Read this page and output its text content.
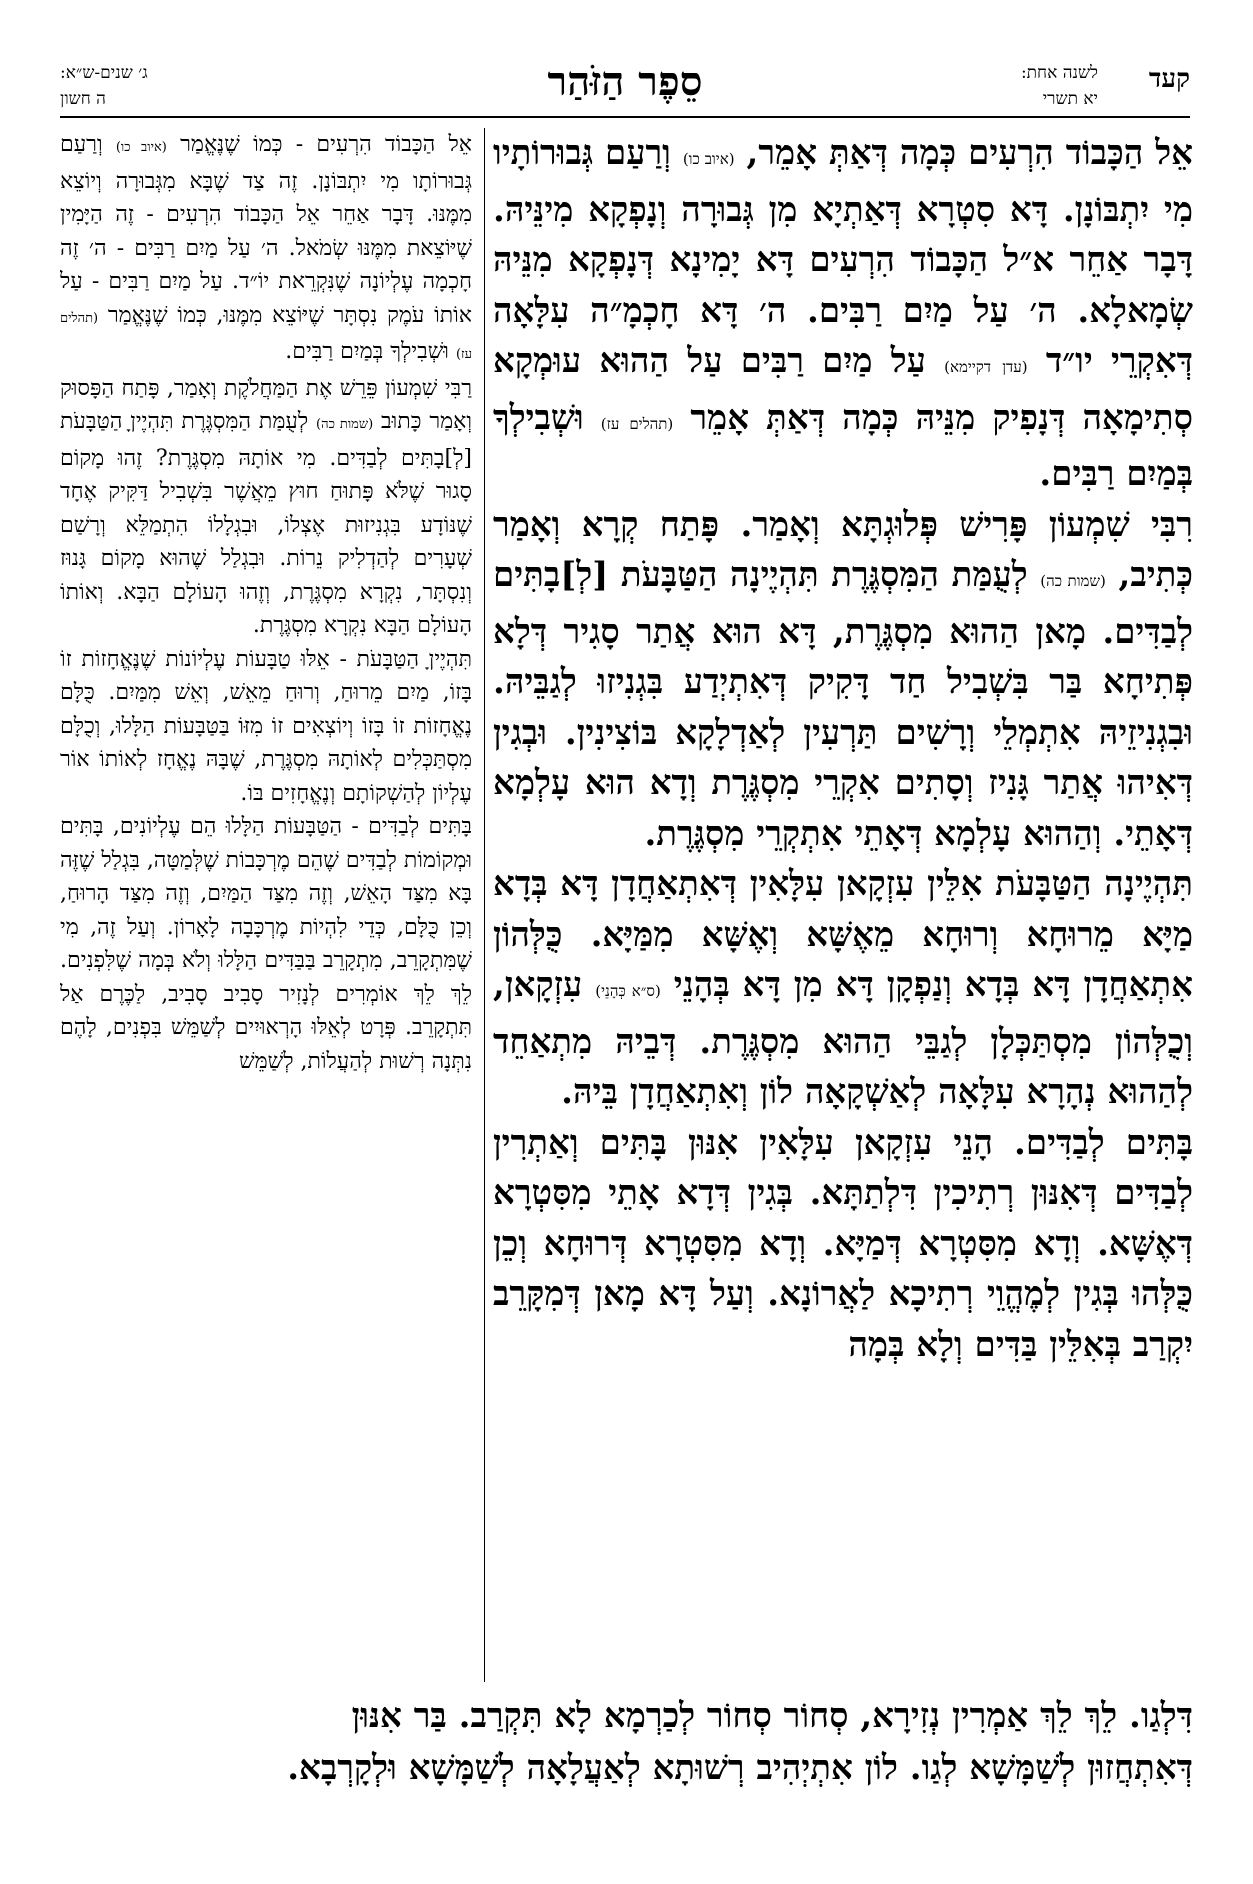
קעד
לשנה אחת:
יא תשרי
סֵפֶר הַזֹּהַר
ג׳ שנים-ש״א:
ה חשון

אֵל הַכָּבוֹד הִרְעִים כְּמָה דְּאַתְּ אָמֵר, (איוב כו) וְרַעַם גְּבוּרוֹתָיו מִי יִתְבּוֹנָן. דָּא סִטְרָא דְּאַתְיָא מִן גְּבוּרָה וְנָפְקָא מִינֵּיהּ. דָּבָר אַחֵר א״ל הַכָּבוֹד הִרְעִים דָּא יָמִינָא דְּנָפְקָא מִנֵּיהּ שְׂמָאלָא. ה׳ עַל מַיִם רַבִּים. ה׳ דָּא חָכְמָ״ה עִלָּאָה דְּאִקְרֵי יו״ד (עדן דקיימא) עַל מַיִם רַבִּים עַל הַהוּא עוּמְקָא סְתִימָאָה דְּנָפִיק מִנֵּיהּ כְּמָה דְּאַתְּ אָמֵר (תהלים עז) וּשְׁבִילְךָ בְּמַיִם רַבִּים.

רִבִּי שִׁמְעוֹן פָּרִישׁ פְּלוּגְתָּא וְאָמַר. פָּתַח קְרָא וְאָמַר כְּתִיב, (שמות כה) לְעֻמַּת הַמִּסְגֶּרֶת תִּהְיֶינָה הַטַּבָּעֹת [לְ]בָתִּים לְבַדִּים. מָאן הַהוּא מִסְגֶּרֶת, דָּא הוּא אֲתַר סָגִיר דְּלָא פְּתִיחָא בַּר בִּשְׁבִיל חַד דָּקִיק דְּאִתְיְדַע בִּגְנִיזוּ לְגַבֵּיהּ. וּבִגְנִיזֵיהּ אִתְמְלֵי וְרָשִׁים תַּרְעִין לְאַדְלָקָא בּוֹצִינִין. וּבְגִין דְּאִיהוּ אֲתַר גָּנִיז וְסָתִים אִקְרֵי מִסְגֶּרֶת וְדָא הוּא עָלְמָא דְּאָתֵי. וְהַהוּא עָלְמָא דְּאָתֵי אִתְקְרֵי מִסְגֶּרֶת.

תִּהְיֶינָה הַטַּבָּעֹת אִלֵּין עִזְקָאן עִלָּאִין דְּאִתְאַחֲדָן דָּא בְּדָא מַיָּא מֵרוּחָא וְרוּחָא מֵאֶשָּׁא וְאֶשָּׁא מִמַּיָּא. כֻּלְּהוֹן אִתְאַחֲדָן דָּא בְּדָא וְנַפְקָן דָּא מִן דָּא בְּהָנֵי (ס״א כְּהָנֵי) עִזְקָאן, וְכֻלְּהוֹן מִסְתַּכְּלָן לְגַבֵּי הַהוּא מִסְגֶּרֶת. דְּבֵיהּ מִתְאַחֵד לְהַהוּא נְהָרָא עִלָּאָה לְאַשְׁקָאָה לוֹן וְאִתְאַחֲדָן בֵּיהּ.

בָּתִּים לְבַדִּים. הָנֵי עִזְקָאן עִלָּאִין אִנּוּן בָּתִּים וְאַתְרִין לְבַדִּים דְּאִנּוּן רְתִיכִין דִּלְתַתָּא. בְּגִין דְּדָא אָתֵי מִסִּטְרָא דְּאֶשָּׁא. וְדָא מִסִּטְרָא דְּמַיָּא. וְדָא מִסִּטְרָא דְּרוּחָא וְכֵן כֻּלְּהוּ בְּגִין לְמֶהֱוֵי רְתִיכָא לַאֲרוֹנָא. וְעַל דָּא מָאן דְּמִקָּרֵב יִקְרַב בְּאִלֵּין בַּדִּים וְלָא בְּמָה

אֵל הַכָּבוֹד הִרְעִים - כְּמוֹ שֶׁנֶּאֱמַר (איוב כו) וְרַעַם גְּבוּרוֹתָו מִי יִתְבּוֹנָן. זֶה צַד שֶׁבָּא מִגְּבוּרָה וְיוֹצֵא מִמֶּנּוּ. דָּבָר אַחֵר אֵל הַכָּבוֹד הִרְעִים - זֶה הַיָּמִין שֶׁיּוֹצֵאת מִמֶּנּוּ שְׂמֹאל. ה׳ עַל מַיִם רַבִּים - ה׳ זֶה חָכְמָה עֶלְיוֹנָה שֶׁנִּקְרֵאת יוֹ״ד. עַל מַיִם רַבִּים - עַל אוֹתוֹ עֹמֶק נִסְתָּר שֶׁיּוֹצֵא מִמֶּנּוּ, כְּמוֹ שֶׁנֶּאֱמַר (תהלים עז) וּשְׁבִילְךָ בְּמַיִם רַבִּים.

רַבִּי שִׁמְעוֹן פֵּרֵשׁ אֶת הַמַּחֲלֹקֶת וְאָמַר, פָּתַח הַפָּסוּק וְאָמַר כָּתוּב (שמות כה) לְעֻמַּת הַמִּסְגֶּרֶת תִּהְיֶיןָ הַטַּבָּעֹת [לְ]בָתִּים לְבַדִּים. מִי אוֹתָהּ מִסְגֶּרֶת? זֶהוּ מָקוֹם סָגוּר שֶׁלֹּא פָּתוּחַ חוּץ מֵאֲשֶׁר בִּשְׁבִיל דַּקִּיק אֶחָד שֶׁנּוֹדָע בִּגְנִיזוּת אֶצְלוֹ, וּבִגְלָלוֹ הִתְמַלֵּא וְרָשַׁם שְׁעָרִים לְהַדְלִיק נֵרוֹת. וּבִגְלַל שֶׁהוּא מָקוֹם גָּנוּז וְנִסְתָּר, נִקְרָא מִסְגֶּרֶת, וְזֶהוּ הָעוֹלָם הַבָּא. וְאוֹתוֹ הָעוֹלָם הַבָּא נִקְרָא מִסְגֶּרֶת.

תִּהְיֶיןָ הַטַּבָּעֹת - אֵלּוּ טַבָּעוֹת עֶלְיוֹנוֹת שֶׁנֶּאֱחָזוֹת זוֹ בָּזוֹ, מַיִם מֵרוּחַ, וְרוּחַ מֵאֵשׁ, וְאֵשׁ מִמַּיִם. כֻּלָּם נֶאֱחָזוֹת זוֹ בָּזוֹ וְיוֹצְאִים זוֹ מִזּוֹ בַּטַּבָּעוֹת הַלָּלוּ, וְכֻלָּם מִסְתַּכְּלִים לְאוֹתָהּ מִסְגֶּרֶת, שֶׁבָּהּ נֶאֱחָז לְאוֹתוֹ אוֹר עֶלְיוֹן לְהַשְׁקוֹתָם וְנֶאֱחָזִים בּוֹ.

בָּתִּים לְבַדִּים - הַטַּבָּעוֹת הַלָּלוּ הֵם עֶלְיוֹנִים, בָּתִּים וּמְקוֹמוֹת לְבַדִּים שֶׁהֵם מֶרְכָּבוֹת שֶׁלְּמַטָּה, בִּגְלַל שֶׁזֶּה בָּא מִצַּד הָאֵשׁ, וְזֶה מִצַּד הַמַּיִם, וְזֶה מִצַּד הָרוּחַ, וְכֵן כֻּלָּם, כְּדֵי לִהְיוֹת מֶרְכָּבָה לָאָרוֹן. וְעַל זֶה, מִי שֶׁמִּתְקָרֵב, מִתְקָרֵב בַּבַּדִּים הַלָּלוּ וְלֹא בְּמָה שֶׁלִּפְנִים. לֵךְ לֵךְ אוֹמְרִים לְנָזִיר סָבִיב סָבִיב, לַכֶּרֶם אַל תִּתְקָרֵב. פְּרָט לְאֵלּוּ הָרְאוּיִים לְשַׁמֵּשׁ בִּפְנִים, לָהֶם נִתְּנָה רְשׁוּת לְהַעֲלוֹת, לְשַׁמֵּשׁ

דִּלְגַו. לֵךְ לֵךְ אַמְרִין נְזִירָא, סְחוֹר סְחוֹר לְכַרְמָא לָא תִּקְרַב. בַּר אִנּוּן

דְּאִתְחֲזוּן לְשַׁמָּשָׁא לְגַו. לוֹן אִתְיְהִיב רְשׁוּתָא לְאַעֲלָאָה לְשַׁמָּשָׁא וּלְקָרְבָא.
